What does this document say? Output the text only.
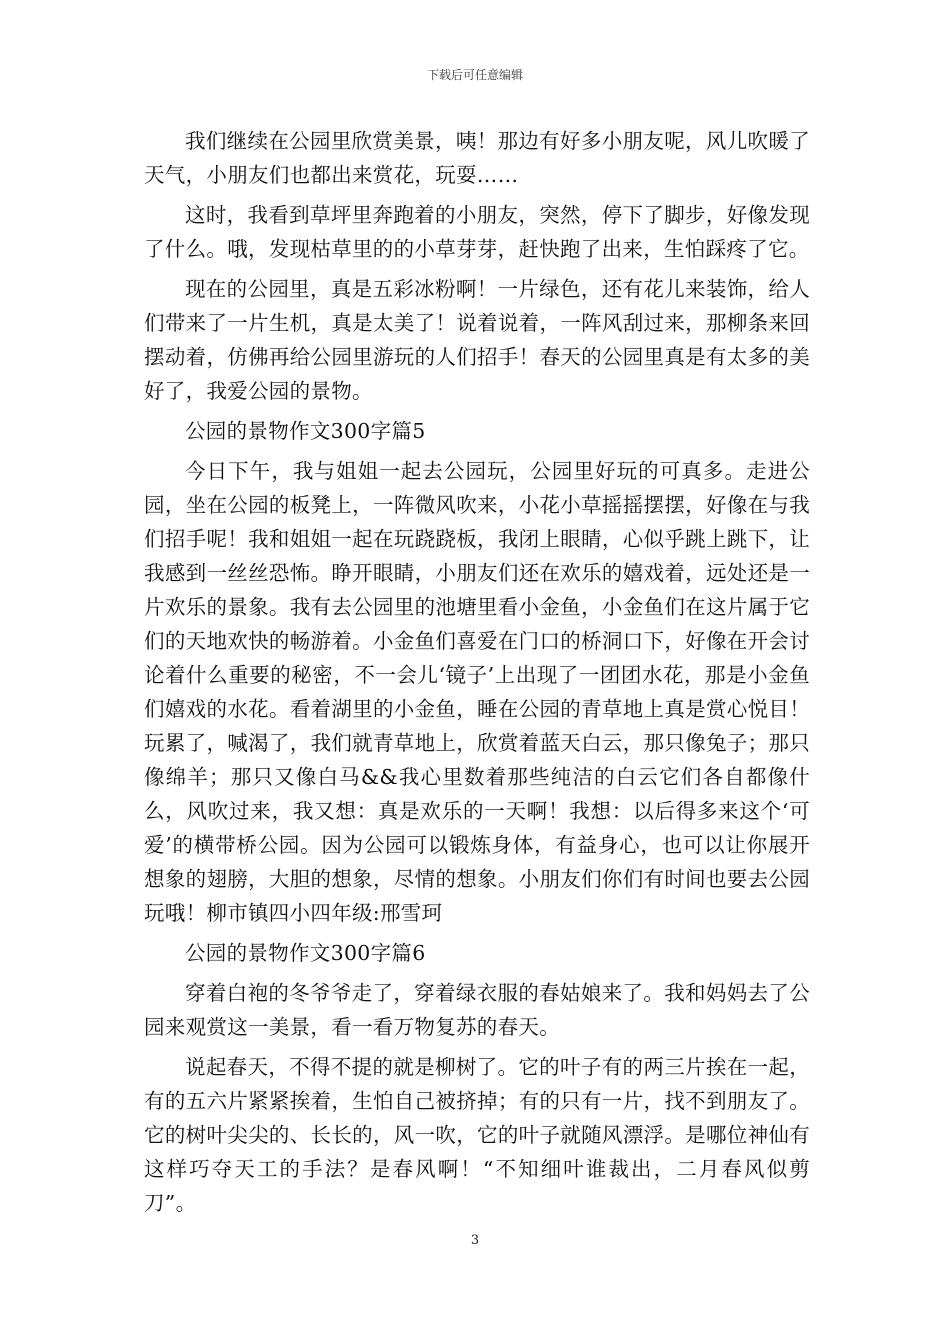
下载后可任意编辑

我们继续在公园里欣赏美景，咦！那边有好多小朋友呢，风儿吹暖了天气，小朋友们也都出来赏花，玩耍……

这时，我看到草坪里奔跑着的小朋友，突然，停下了脚步，好像发现了什么。哦，发现枯草里的的小草芽芽，赶快跑了出来，生怕踩疼了它。

现在的公园里，真是五彩冰粉啊！一片绿色，还有花儿来装饰，给人们带来了一片生机，真是太美了！说着说着，一阵风刮过来，那柳条来回摆动着，仿佛再给公园里游玩的人们招手！春天的公园里真是有太多的美好了，我爱公园的景物。

公园的景物作文300字篇5

今日下午，我与姐姐一起去公园玩，公园里好玩的可真多。走进公园，坐在公园的板凳上，一阵微风吹来，小花小草摇摇摆摆，好像在与我们招手呢！我和姐姐一起在玩跷跷板，我闭上眼睛，心似乎跳上跳下，让我感到一丝丝恐怖。睁开眼睛，小朋友们还在欢乐的嬉戏着，远处还是一片欢乐的景象。我有去公园里的池塘里看小金鱼，小金鱼们在这片属于它们的天地欢快的畅游着。小金鱼们喜爱在门口的桥洞口下，好像在开会讨论着什么重要的秘密，不一会儿‘镜子’上出现了一团团水花，那是小金鱼们嬉戏的水花。看着湖里的小金鱼，睡在公园的青草地上真是赏心悦目！玩累了，喊渴了，我们就青草地上，欣赏着蓝天白云，那只像兔子；那只像绵羊；那只又像白马&&我心里数着那些纯洁的白云它们各自都像什么，风吹过来，我又想：真是欢乐的一天啊！我想：以后得多来这个‘可爱’的横带桥公园。因为公园可以锻炼身体，有益身心，也可以让你展开想象的翅膀，大胆的想象，尽情的想象。小朋友们你们有时间也要去公园玩哦！柳市镇四小四年级:邢雪珂

公园的景物作文300字篇6

穿着白袍的冬爷爷走了，穿着绿衣服的春姑娘来了。我和妈妈去了公园来观赏这一美景，看一看万物复苏的春天。

说起春天，不得不提的就是柳树了。它的叶子有的两三片挨在一起，有的五六片紧紧挨着，生怕自己被挤掉；有的只有一片，找不到朋友了。它的树叶尖尖的、长长的，风一吹，它的叶子就随风漂浮。是哪位神仙有这样巧夺天工的手法？是春风啊！“不知细叶谁裁出，二月春风似剪刀”。

3
